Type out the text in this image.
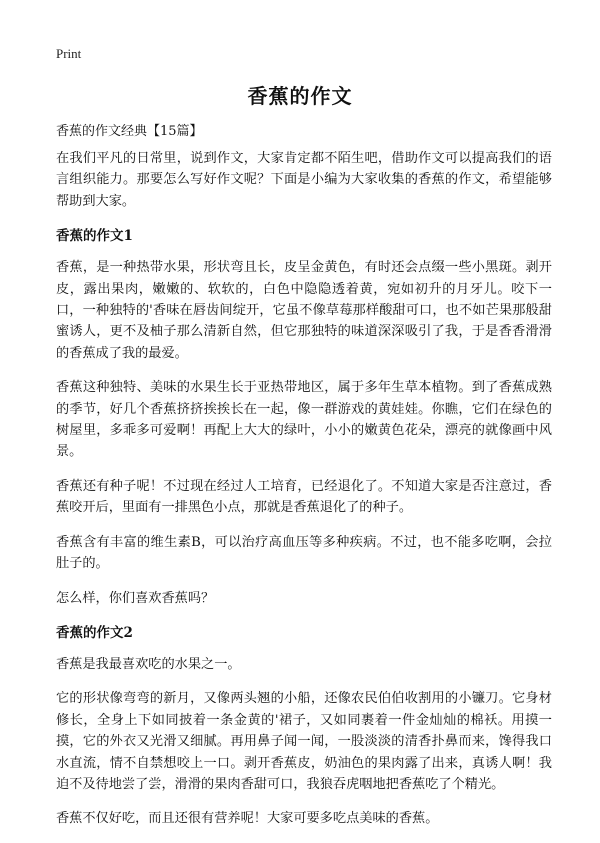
Print
香蕉的作文
香蕉的作文经典【15篇】

在我们平凡的日常里，说到作文，大家肯定都不陌生吧，借助作文可以提高我们的语言组织能力。那要怎么写好作文呢？下面是小编为大家收集的香蕉的作文，希望能够帮助到大家。

香蕉的作文1

香蕉，是一种热带水果，形状弯且长，皮呈金黄色，有时还会点缀一些小黑斑。剥开皮，露出果肉，嫩嫩的、软软的，白色中隐隐透着黄，宛如初升的月牙儿。咬下一口，一种独特的'香味在唇齿间绽开，它虽不像草莓那样酸甜可口，也不如芒果那般甜蜜诱人，更不及柚子那么清新自然，但它那独特的味道深深吸引了我，于是香香滑滑的香蕉成了我的最爱。

香蕉这种独特、美味的水果生长于亚热带地区，属于多年生草本植物。到了香蕉成熟的季节，好几个香蕉挤挤挨挨长在一起，像一群游戏的黄娃娃。你瞧，它们在绿色的树屋里，多乖多可爱啊！再配上大大的绿叶，小小的嫩黄色花朵，漂亮的就像画中风景。

香蕉还有种子呢！不过现在经过人工培育，已经退化了。不知道大家是否注意过，香蕉咬开后，里面有一排黑色小点，那就是香蕉退化了的种子。

香蕉含有丰富的维生素B，可以治疗高血压等多种疾病。不过，也不能多吃啊，会拉肚子的。

怎么样，你们喜欢香蕉吗？

香蕉的作文2

香蕉是我最喜欢吃的水果之一。

它的形状像弯弯的新月，又像两头翘的小船，还像农民伯伯收割用的小镰刀。它身材修长，全身上下如同披着一条金黄的'裙子，又如同裹着一件金灿灿的棉袄。用摸一摸，它的外衣又光滑又细腻。再用鼻子闻一闻，一股淡淡的清香扑鼻而来，馋得我口水直流，情不自禁想咬上一口。剥开香蕉皮，奶油色的果肉露了出来，真诱人啊！我迫不及待地尝了尝，滑滑的果肉香甜可口，我狼吞虎咽地把香蕉吃了个精光。

香蕉不仅好吃，而且还很有营养呢！大家可要多吃点美味的香蕉。
